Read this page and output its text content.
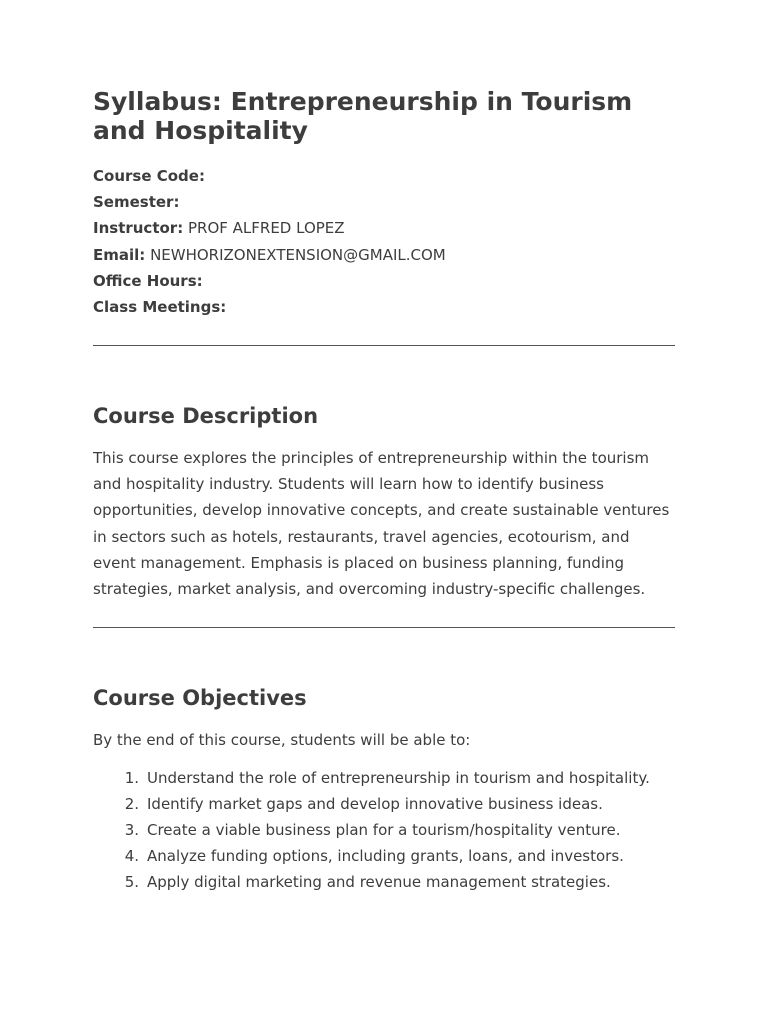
Syllabus: Entrepreneurship in Tourism and Hospitality
Course Code:
Semester:
Instructor: PROF ALFRED LOPEZ
Email: NEWHORIZONEXTENSION@GMAIL.COM
Office Hours:
Class Meetings:
Course Description

This course explores the principles of entrepreneurship within the tourism and hospitality industry. Students will learn how to identify business opportunities, develop innovative concepts, and create sustainable ventures in sectors such as hotels, restaurants, travel agencies, ecotourism, and event management. Emphasis is placed on business planning, funding strategies, market analysis, and overcoming industry-specific challenges.

Course Objectives

By the end of this course, students will be able to:

1. Understand the role of entrepreneurship in tourism and hospitality.
2. Identify market gaps and develop innovative business ideas.
3. Create a viable business plan for a tourism/hospitality venture.
4. Analyze funding options, including grants, loans, and investors.
5. Apply digital marketing and revenue management strategies.
